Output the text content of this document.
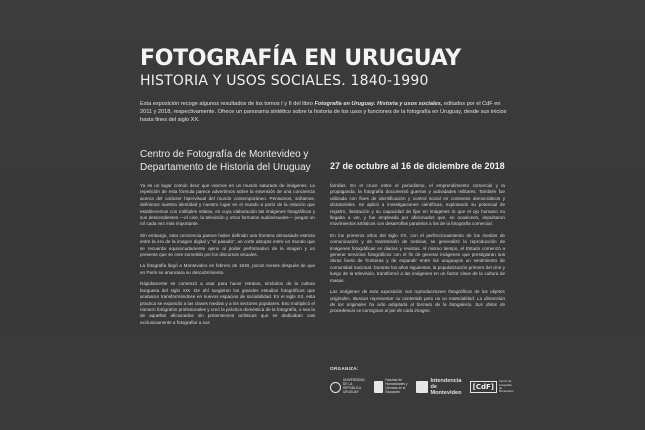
FOTOGRAFÍA EN URUGUAY
HISTORIA Y USOS SOCIALES. 1840-1990
Esta exposición recoge algunos resultados de los tomos I y II del libro Fotografía en Uruguay. Historia y usos sociales, editados por el CdF en 2011 y 2018, respectivamente. Ofrece un panorama sintético sobre la historia de los usos y funciones de la fotografía en Uruguay, desde sus inicios hasta fines del siglo XX.
Centro de Fotografía de Montevideo y
Departamento de Historia del Uruguay	27 de octubre al 16 de diciembre de 2018

Ya es un lugar común decir que vivimos en un mundo saturado de imágenes. La repetición de esta fórmula parece advertirnos sobre la extensión de una conciencia acerca del carácter hipervisual del mundo contemporáneo. Pensamos, soñamos, definimos nuestra identidad y nuestro lugar en el mundo a partir de la relación que establecemos con múltiples relatos, en cuya elaboración las imágenes fotográficas y sus descendientes —el cine, la televisión y otros formatos audiovisuales— juegan un rol cada vez más importante.

Sin embargo, esta conciencia parece haber definido una frontera demasiado estricta entre la era de la imagen digital y "el pasado", un corte abrupto entre un mundo que se recuerda equivocadamente ajeno al poder performativo de la imagen y un presente que se cree sometido por los discursos visuales.

La fotografía llegó a Montevideo en febrero de 1840, pocos meses después de que en París se anunciara su descubrimiento.

Rápidamente se comenzó a usar para hacer retratos, símbolos de la cultura burguesa del siglo XIX. De ahí surgieron los grandes estudios fotográficos que acabaron transformándose en nuevos espacios de sociabilidad. En el siglo XX, esta práctica se expandió a las clases medias y a los sectores populares. Eso multiplicó el número fotógrafos profesionales y creó la práctica doméstica de la fotografía, o sea la de aquellos aficionados sin pretensiones artísticas que se dedicaban casi exclusivamente a fotografiar a sus

familias. En el cruce entre el periodismo, el emprendimiento comercial y la propaganda, la fotografía documentó guerras y actividades militares. También fue utilizada con fines de identificación y control social en contextos democráticos y dictatoriales. Se aplicó a investigaciones científicas, explotando su potencial de registro, ilustración y su capacidad de fijar en imágenes lo que el ojo humano no llegaba a ver, y fue empleada por aficionados que, en ocasiones, impulsaron movimientos artísticos con desarrollos paralelos a los de la fotografía comercial.

En los primeros años del siglo XX, con el perfeccionamiento de los medios de comunicación y de transmisión de noticias, se generalizó la reproducción de imágenes fotográficas en diarios y revistas. Al mismo tiempo, el Estado comenzó a generar servicios fotográficos con el fin de generar imágenes que prestigiaran sus obras fuera de fronteras y de expandir entre los uruguayos un sentimiento de comunidad nacional. Durante los años siguientes, la popularización primero del cine y luego de la televisión, transformó a las imágenes en un factor clave de la cultura de masas.

Las imágenes de esta exposición son reproducciones fotográficas de los objetos originales. Buscan representar su contenido pero no su materialidad. La dimensión de los originales ha sido adaptada al formato de la fotogalería. Sus datos de procedencia se consignan al pie de cada imagen.

ORGANIZA:
UNIVERSIDAD DE LA REPÚBLICA URUGUAY
Facultad de Humanidades y Ciencias de la Educación
Intendencia de Montevideo
[CdF]
Centro de Fotografía de Montevideo
